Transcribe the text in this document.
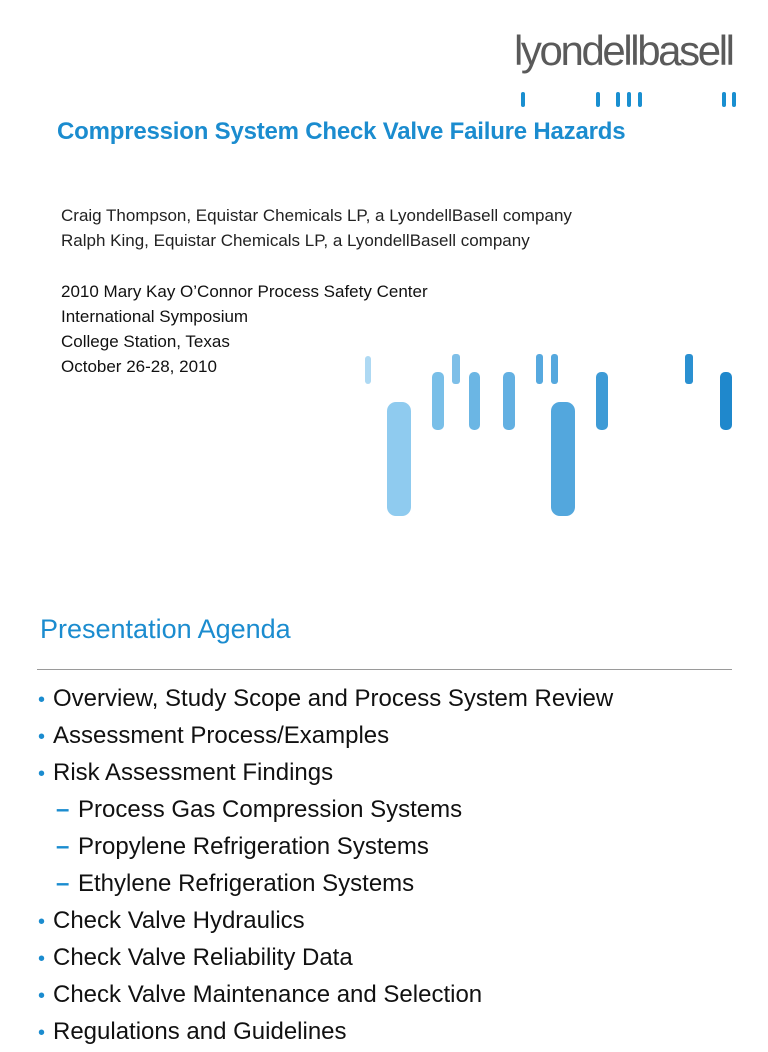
lyondellbasell
Compression System Check Valve Failure Hazards
Craig Thompson, Equistar Chemicals LP, a LyondellBasell company
Ralph King, Equistar Chemicals LP, a LyondellBasell company
2010 Mary Kay O’Connor Process Safety Center
International Symposium
College Station, Texas
October 26-28, 2010
Presentation Agenda
• Overview, Study Scope and Process System Review
• Assessment Process/Examples
• Risk Assessment Findings
– Process Gas Compression Systems
– Propylene Refrigeration Systems
– Ethylene Refrigeration Systems
• Check Valve Hydraulics
• Check Valve Reliability Data
• Check Valve Maintenance and Selection
• Regulations and Guidelines
